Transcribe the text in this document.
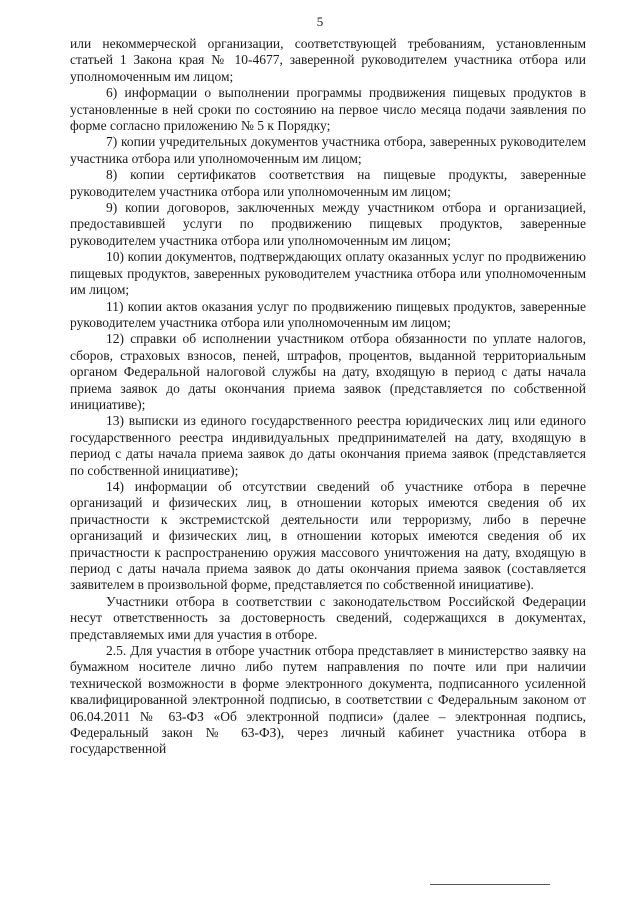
5

или некоммерческой организации, соответствующей требованиям, установленным статьей 1 Закона края № 10-4677, заверенной руководителем участника отбора или уполномоченным им лицом;

6) информации о выполнении программы продвижения пищевых продуктов в установленные в ней сроки по состоянию на первое число месяца подачи заявления по форме согласно приложению № 5 к Порядку;

7) копии учредительных документов участника отбора, заверенных руководителем участника отбора или уполномоченным им лицом;

8) копии сертификатов соответствия на пищевые продукты, заверенные руководителем участника отбора или уполномоченным им лицом;

9) копии договоров, заключенных между участником отбора и организацией, предоставившей услуги по продвижению пищевых продуктов, заверенные руководителем участника отбора или уполномоченным им лицом;

10) копии документов, подтверждающих оплату оказанных услуг по продвижению пищевых продуктов, заверенных руководителем участника отбора или уполномоченным им лицом;

11) копии актов оказания услуг по продвижению пищевых продуктов, заверенные руководителем участника отбора или уполномоченным им лицом;

12) справки об исполнении участником отбора обязанности по уплате налогов, сборов, страховых взносов, пеней, штрафов, процентов, выданной территориальным органом Федеральной налоговой службы на дату, входящую в период с даты начала приема заявок до даты окончания приема заявок (представляется по собственной инициативе);

13) выписки из единого государственного реестра юридических лиц или единого государственного реестра индивидуальных предпринимателей на дату, входящую в период с даты начала приема заявок до даты окончания приема заявок (представляется по собственной инициативе);

14) информации об отсутствии сведений об участнике отбора в перечне организаций и физических лиц, в отношении которых имеются сведения об их причастности к экстремистской деятельности или терроризму, либо в перечне организаций и физических лиц, в отношении которых имеются сведения об их причастности к распространению оружия массового уничтожения на дату, входящую в период с даты начала приема заявок до даты окончания приема заявок (составляется заявителем в произвольной форме, представляется по собственной инициативе).

Участники отбора в соответствии с законодательством Российской Федерации несут ответственность за достоверность сведений, содержащихся в документах, представляемых ими для участия в отборе.

2.5. Для участия в отборе участник отбора представляет в министерство заявку на бумажном носителе лично либо путем направления по почте или при наличии технической возможности в форме электронного документа, подписанного усиленной квалифицированной электронной подписью, в соответствии с Федеральным законом от 06.04.2011 № 63-ФЗ «Об электронной подписи» (далее – электронная подпись, Федеральный закон № 63-ФЗ), через личный кабинет участника отбора в государственной
